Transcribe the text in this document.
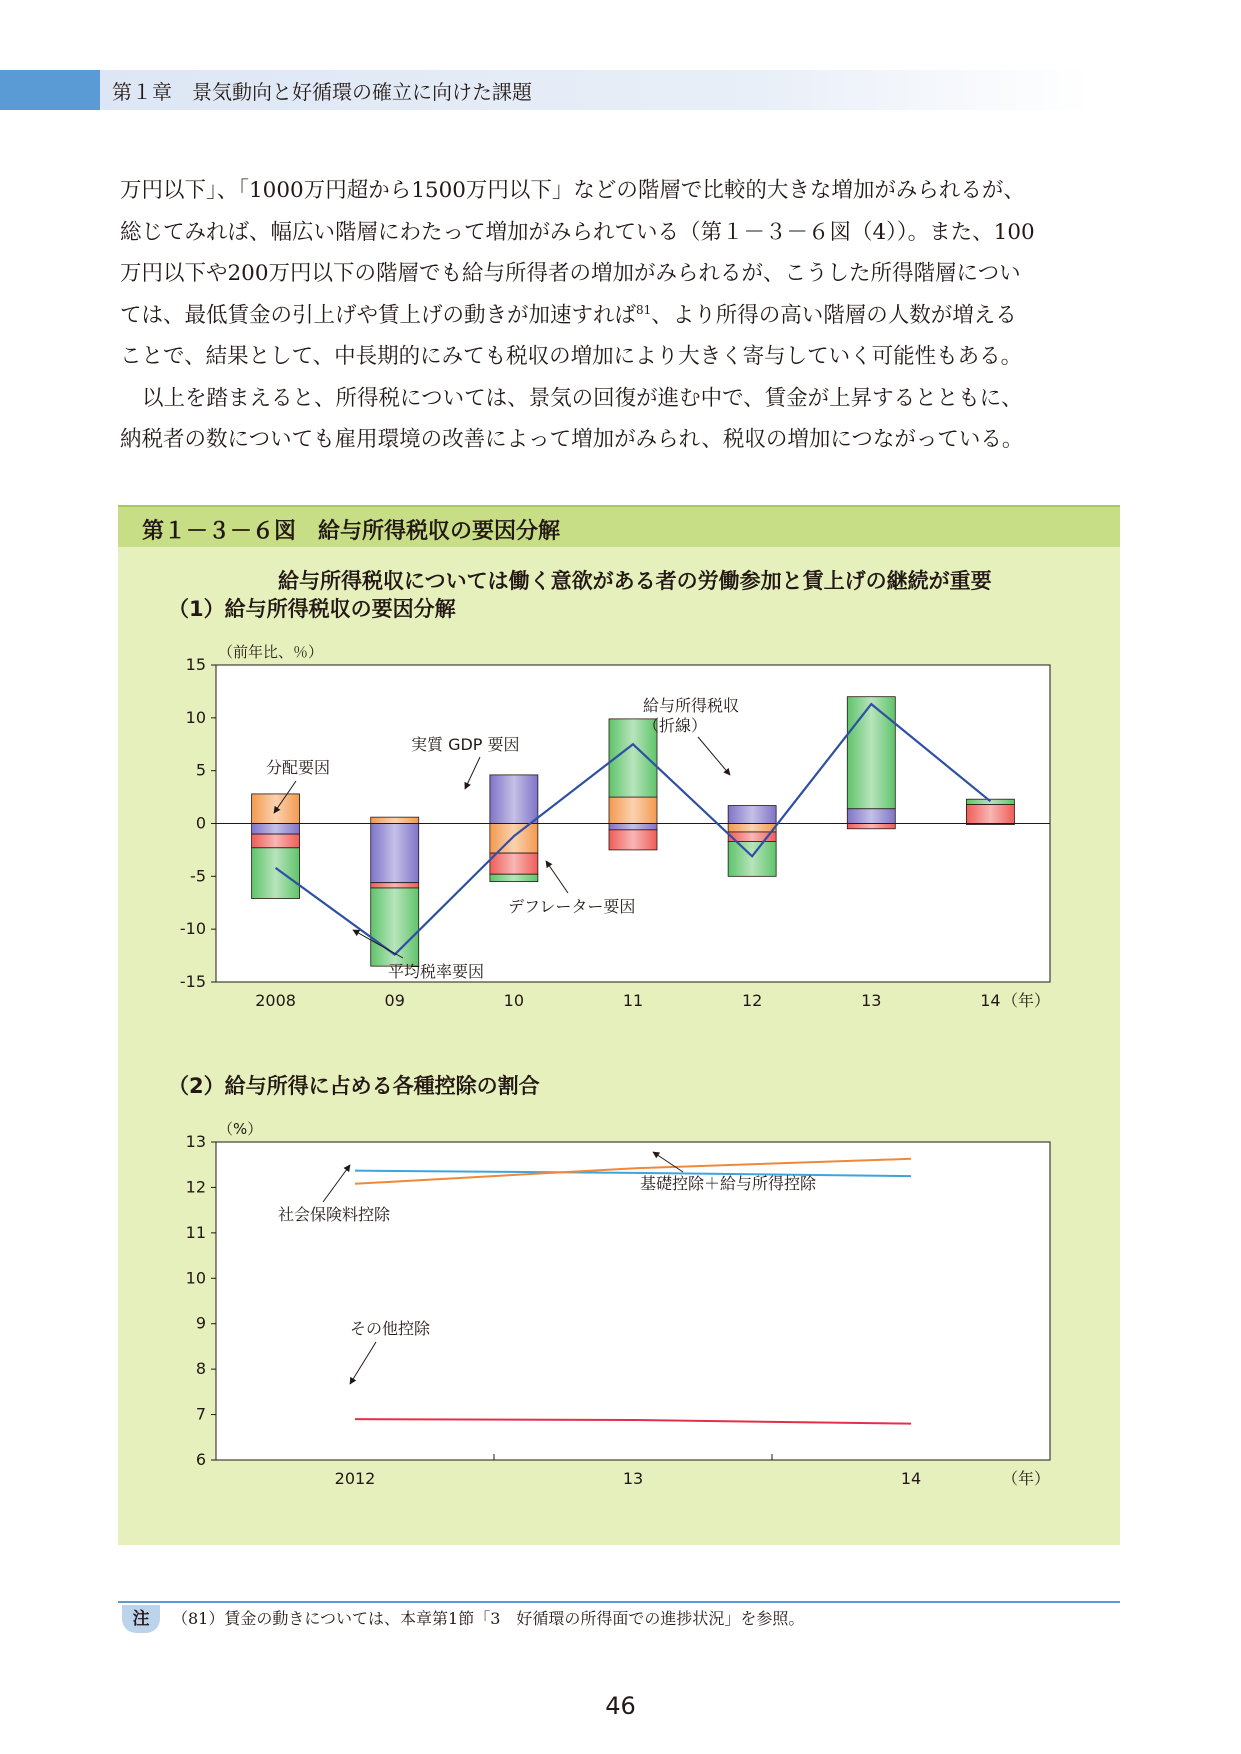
第１章　景気動向と好循環の確立に向けた課題

万円以下」、「1000万円超から1500万円以下」などの階層で比較的大きな増加がみられるが、

総じてみれば、幅広い階層にわたって増加がみられている（第１－３－６図（4））。また、100

万円以下や200万円以下の階層でも給与所得者の増加がみられるが、こうした所得階層につい

ては、最低賃金の引上げや賃上げの動きが加速すれば$^{81}$、より所得の高い階層の人数が増える

ことで、結果として、中長期的にみても税収の増加により大きく寄与していく可能性もある。

以上を踏まえると、所得税については、景気の回復が進む中で、賃金が上昇するとともに、

納税者の数についても雇用環境の改善によって増加がみられ、税収の増加につながっている。

第１－３－６図　給与所得税収の要因分解
給与所得税収については働く意欲がある者の労働参加と賃上げの継続が重要
（1）給与所得税収の要因分解
15
10
5
0
-5
-10
-15
（前年比、％）
2008	09	10	11	12	13	14 （年）
分配要因
実質 GDP 要因
デフレーター要因
平均税率要因
給与所得税収
（折線）
（2）給与所得に占める各種控除の割合
13
12
11
10
9
8
7
6
（%）
2012	13	14	（年）
社会保険料控除
基礎控除＋給与所得控除
その他控除
注	（81）賃金の動きについては、本章第1節「3　好循環の所得面での進捗状況」を参照。
46
